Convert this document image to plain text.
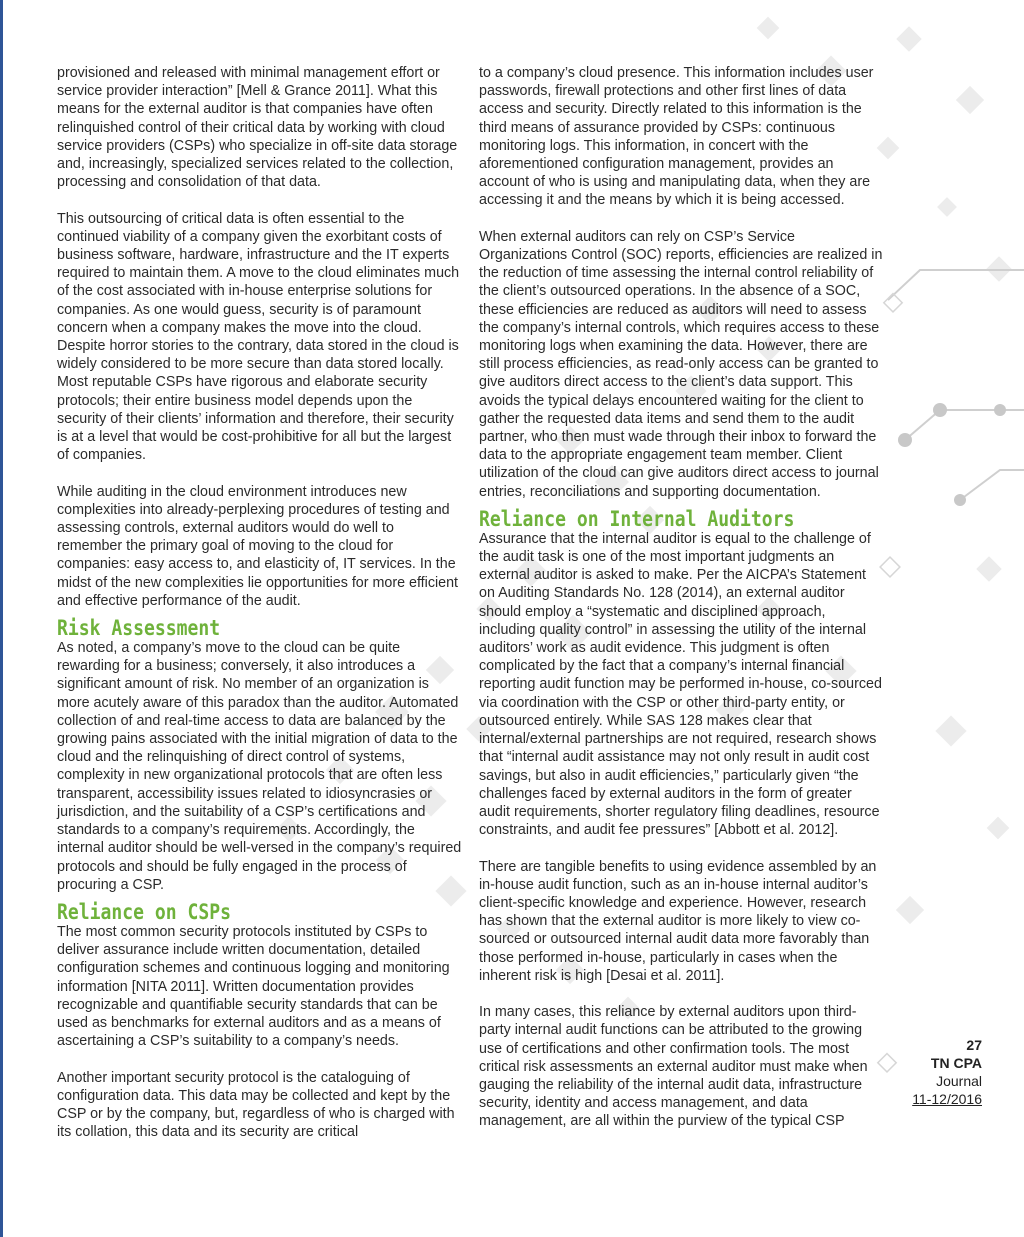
provisioned and released with minimal management effort or service provider interaction” [Mell & Grance 2011]. What this means for the external auditor is that companies have often relinquished control of their critical data by working with cloud service providers (CSPs) who specialize in off-site data storage and, increasingly, specialized services related to the collection, processing and consolidation of that data.

This outsourcing of critical data is often essential to the continued viability of a company given the exorbitant costs of business software, hardware, infrastructure and the IT experts required to maintain them. A move to the cloud eliminates much of the cost associated with in-house enterprise solutions for companies. As one would guess, security is of paramount concern when a company makes the move into the cloud. Despite horror stories to the contrary, data stored in the cloud is widely considered to be more secure than data stored locally. Most reputable CSPs have rigorous and elaborate security protocols; their entire business model depends upon the security of their clients’ information and therefore, their security is at a level that would be cost-prohibitive for all but the largest of companies.

While auditing in the cloud environment introduces new complexities into already-perplexing procedures of testing and assessing controls, external auditors would do well to remember the primary goal of moving to the cloud for companies: easy access to, and elasticity of, IT services. In the midst of the new complexities lie opportunities for more efficient and effective performance of the audit.

Risk Assessment

As noted, a company’s move to the cloud can be quite rewarding for a business; conversely, it also introduces a significant amount of risk. No member of an organization is more acutely aware of this paradox than the auditor. Automated collection of and real-time access to data are balanced by the growing pains associated with the initial migration of data to the cloud and the relinquishing of direct control of systems, complexity in new organizational protocols that are often less transparent, accessibility issues related to idiosyncrasies or jurisdiction, and the suitability of a CSP’s certifications and standards to a company’s requirements. Accordingly, the internal auditor should be well-versed in the company’s required protocols and should be fully engaged in the process of procuring a CSP.

Reliance on CSPs

The most common security protocols instituted by CSPs to deliver assurance include written documentation, detailed configuration schemes and continuous logging and monitoring information [NITA 2011]. Written documentation provides recognizable and quantifiable security standards that can be used as benchmarks for external auditors and as a means of ascertaining a CSP’s suitability to a company’s needs.

Another important security protocol is the cataloguing of configuration data. This data may be collected and kept by the CSP or by the company, but, regardless of who is charged with its collation, this data and its security are critical

to a company’s cloud presence. This information includes user passwords, firewall protections and other first lines of data access and security. Directly related to this information is the third means of assurance provided by CSPs: continuous monitoring logs. This information, in concert with the aforementioned configuration management, provides an account of who is using and manipulating data, when they are accessing it and the means by which it is being accessed.

When external auditors can rely on CSP’s Service Organizations Control (SOC) reports, efficiencies are realized in the reduction of time assessing the internal control reliability of the client’s outsourced operations. In the absence of a SOC, these efficiencies are reduced as auditors will need to assess the company’s internal controls, which requires access to these monitoring logs when examining the data. However, there are still process efficiencies, as read-only access can be granted to give auditors direct access to the client’s data support. This avoids the typical delays encountered waiting for the client to gather the requested data items and send them to the audit partner, who then must wade through their inbox to forward the data to the appropriate engagement team member. Client utilization of the cloud can give auditors direct access to journal entries, reconciliations and supporting documentation.

Reliance on Internal Auditors

Assurance that the internal auditor is equal to the challenge of the audit task is one of the most important judgments an external auditor is asked to make. Per the AICPA’s Statement on Auditing Standards No. 128 (2014), an external auditor should employ a “systematic and disciplined approach, including quality control” in assessing the utility of the internal auditors’ work as audit evidence. This judgment is often complicated by the fact that a company’s internal financial reporting audit function may be performed in-house, co-sourced via coordination with the CSP or other third-party entity, or outsourced entirely. While SAS 128 makes clear that internal/external partnerships are not required, research shows that “internal audit assistance may not only result in audit cost savings, but also in audit efficiencies,” particularly given “the challenges faced by external auditors in the form of greater audit requirements, shorter regulatory filing deadlines, resource constraints, and audit fee pressures” [Abbott et al. 2012].

There are tangible benefits to using evidence assembled by an in-house audit function, such as an in-house internal auditor’s client-specific knowledge and experience. However, research has shown that the external auditor is more likely to view co-sourced or outsourced internal audit data more favorably than those performed in-house, particularly in cases when the inherent risk is high [Desai et al. 2011].

In many cases, this reliance by external auditors upon third-party internal audit functions can be attributed to the growing use of certifications and other confirmation tools. The most critical risk assessments an external auditor must make when gauging the reliability of the internal audit data, infrastructure security, identity and access management, and data management, are all within the purview of the typical CSP

27
TN CPA
Journal
11-12/2016
